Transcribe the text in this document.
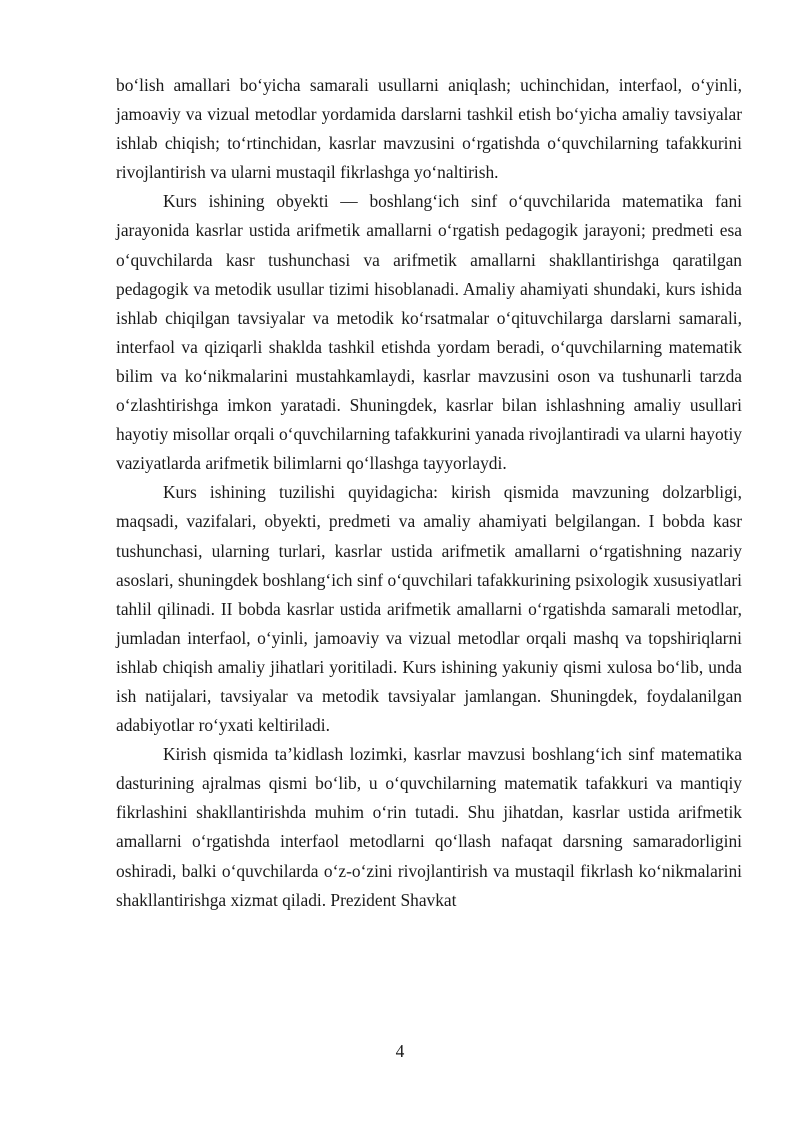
bo‘lish amallari bo‘yicha samarali usullarni aniqlash; uchinchidan, interfaol, o‘yinli, jamoaviy va vizual metodlar yordamida darslarni tashkil etish bo‘yicha amaliy tavsiyalar ishlab chiqish; to‘rtinchidan, kasrlar mavzusini o‘rgatishda o‘quvchilarning tafakkurini rivojlantirish va ularni mustaqil fikrlashga yo‘naltirish.

Kurs ishining obyekti — boshlang‘ich sinf o‘quvchilarida matematika fani jarayonida kasrlar ustida arifmetik amallarni o‘rgatish pedagogik jarayoni; predmeti esa o‘quvchilarda kasr tushunchasi va arifmetik amallarni shakllantirishga qaratilgan pedagogik va metodik usullar tizimi hisoblanadi. Amaliy ahamiyati shundaki, kurs ishida ishlab chiqilgan tavsiyalar va metodik ko‘rsatmalar o‘qituvchilarga darslarni samarali, interfaol va qiziqarli shaklda tashkil etishda yordam beradi, o‘quvchilarning matematik bilim va ko‘nikmalarini mustahkamlaydi, kasrlar mavzusini oson va tushunarli tarzda o‘zlashtirishga imkon yaratadi. Shuningdek, kasrlar bilan ishlashning amaliy usullari hayotiy misollar orqali o‘quvchilarning tafakkurini yanada rivojlantiradi va ularni hayotiy vaziyatlarda arifmetik bilimlarni qo‘llashga tayyorlaydi.

Kurs ishining tuzilishi quyidagicha: kirish qismida mavzuning dolzarbligi, maqsadi, vazifalari, obyekti, predmeti va amaliy ahamiyati belgilangan. I bobda kasr tushunchasi, ularning turlari, kasrlar ustida arifmetik amallarni o‘rgatishning nazariy asoslari, shuningdek boshlang‘ich sinf o‘quvchilari tafakkurining psixologik xususiyatlari tahlil qilinadi. II bobda kasrlar ustida arifmetik amallarni o‘rgatishda samarali metodlar, jumladan interfaol, o‘yinli, jamoaviy va vizual metodlar orqali mashq va topshiriqlarni ishlab chiqish amaliy jihatlari yoritiladi. Kurs ishining yakuniy qismi xulosa bo‘lib, unda ish natijalari, tavsiyalar va metodik tavsiyalar jamlangan. Shuningdek, foydalanilgan adabiyotlar ro‘yxati keltiriladi.

Kirish qismida ta’kidlash lozimki, kasrlar mavzusi boshlang‘ich sinf matematika dasturining ajralmas qismi bo‘lib, u o‘quvchilarning matematik tafakkuri va mantiqiy fikrlashini shakllantirishda muhim o‘rin tutadi. Shu jihatdan, kasrlar ustida arifmetik amallarni o‘rgatishda interfaol metodlarni qo‘llash nafaqat darsning samaradorligini oshiradi, balki o‘quvchilarda o‘z-o‘zini rivojlantirish va mustaqil fikrlash ko‘nikmalarini shakllantirishga xizmat qiladi. Prezident Shavkat

4
